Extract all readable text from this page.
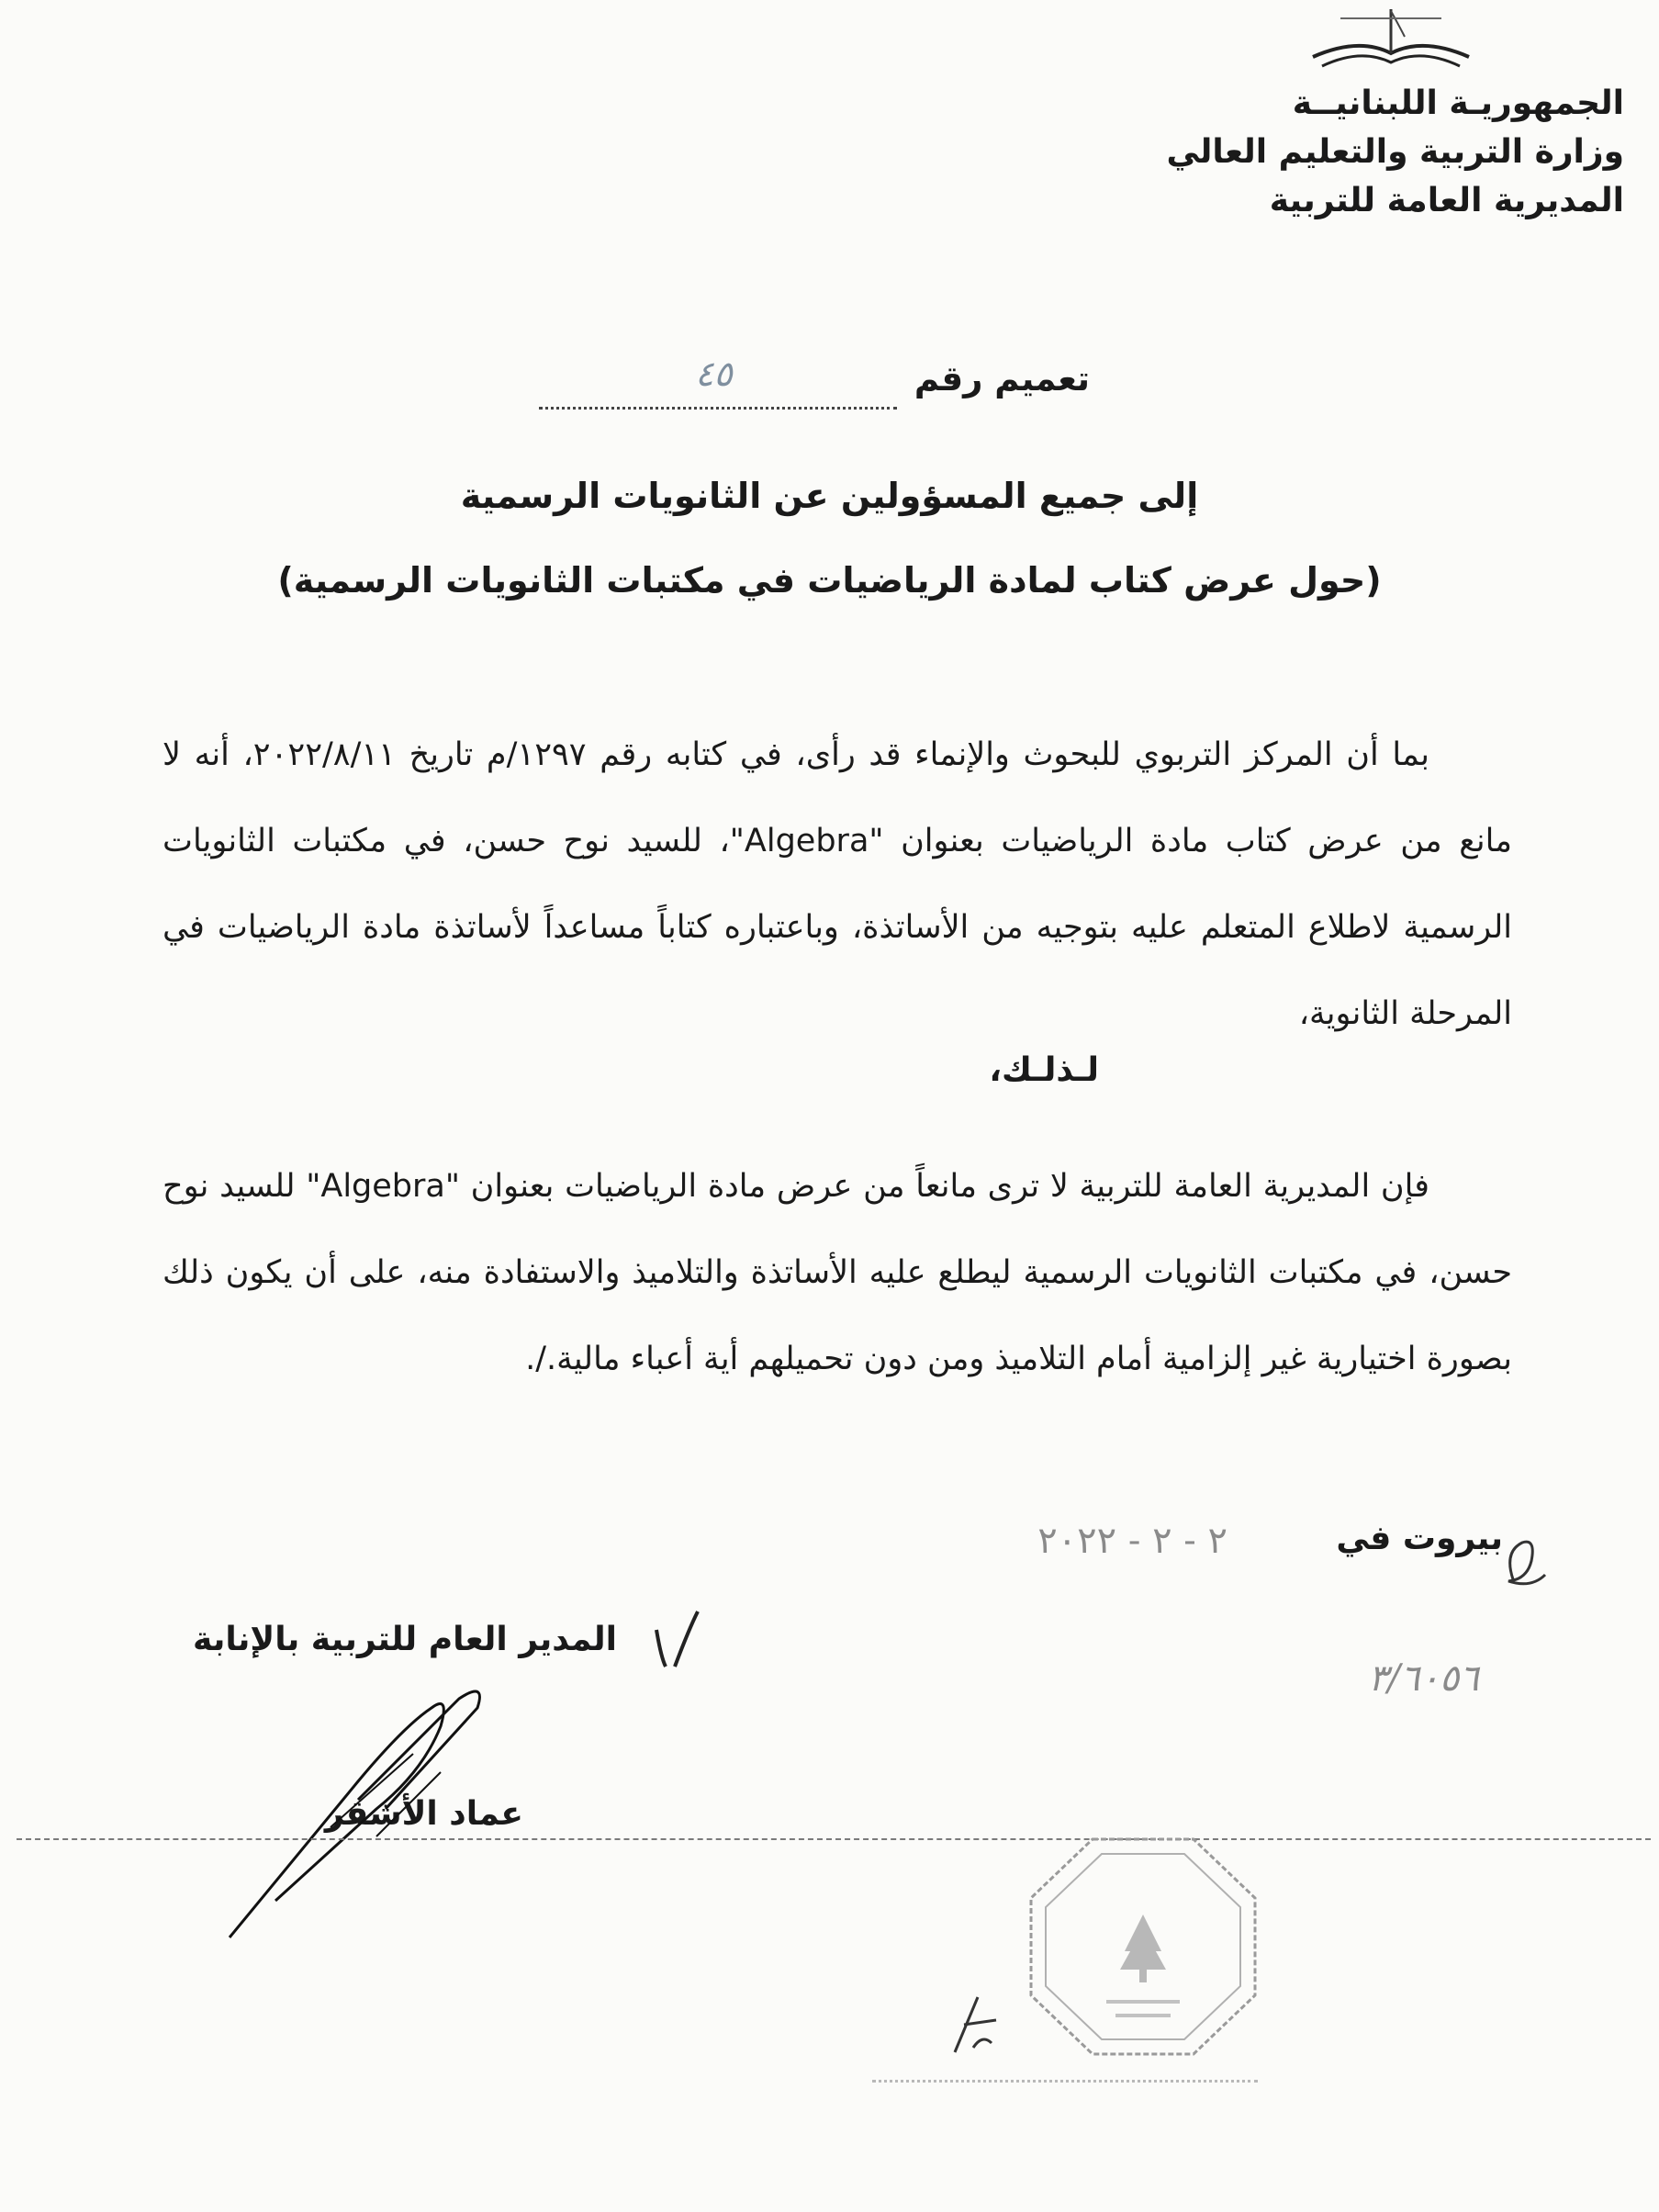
الجمهوريـة اللبنانيــة
وزارة التربية والتعليم العالي
المديرية العامة للتربية
تعميم رقم
٤٥
إلى جميع المسؤولين عن الثانويات الرسمية
(حول عرض كتاب لمادة الرياضيات في مكتبات الثانويات الرسمية)
بما أن المركز التربوي للبحوث والإنماء قد رأى، في كتابه رقم ١٢٩٧/م تاريخ ٢٠٢٢/٨/١١، أنه لا مانع من عرض كتاب مادة الرياضيات بعنوان "Algebra"، للسيد نوح حسن، في مكتبات الثانويات الرسمية لاطلاع المتعلم عليه بتوجيه من الأساتذة، وباعتباره كتاباً مساعداً لأساتذة مادة الرياضيات في المرحلة الثانوية،
لـذلـك،
فإن المديرية العامة للتربية لا ترى مانعاً من عرض مادة الرياضيات بعنوان "Algebra" للسيد نوح حسن، في مكتبات الثانويات الرسمية ليطلع عليه الأساتذة والتلاميذ والاستفادة منه، على أن يكون ذلك بصورة اختيارية غير إلزامية أمام التلاميذ ومن دون تحميلهم أية أعباء مالية./.
بيروت في
٢ - ٢ - ٢٠٢٢
المدير العام للتربية بالإنابة
٣/٦٠٥٦
عماد الأشقر
